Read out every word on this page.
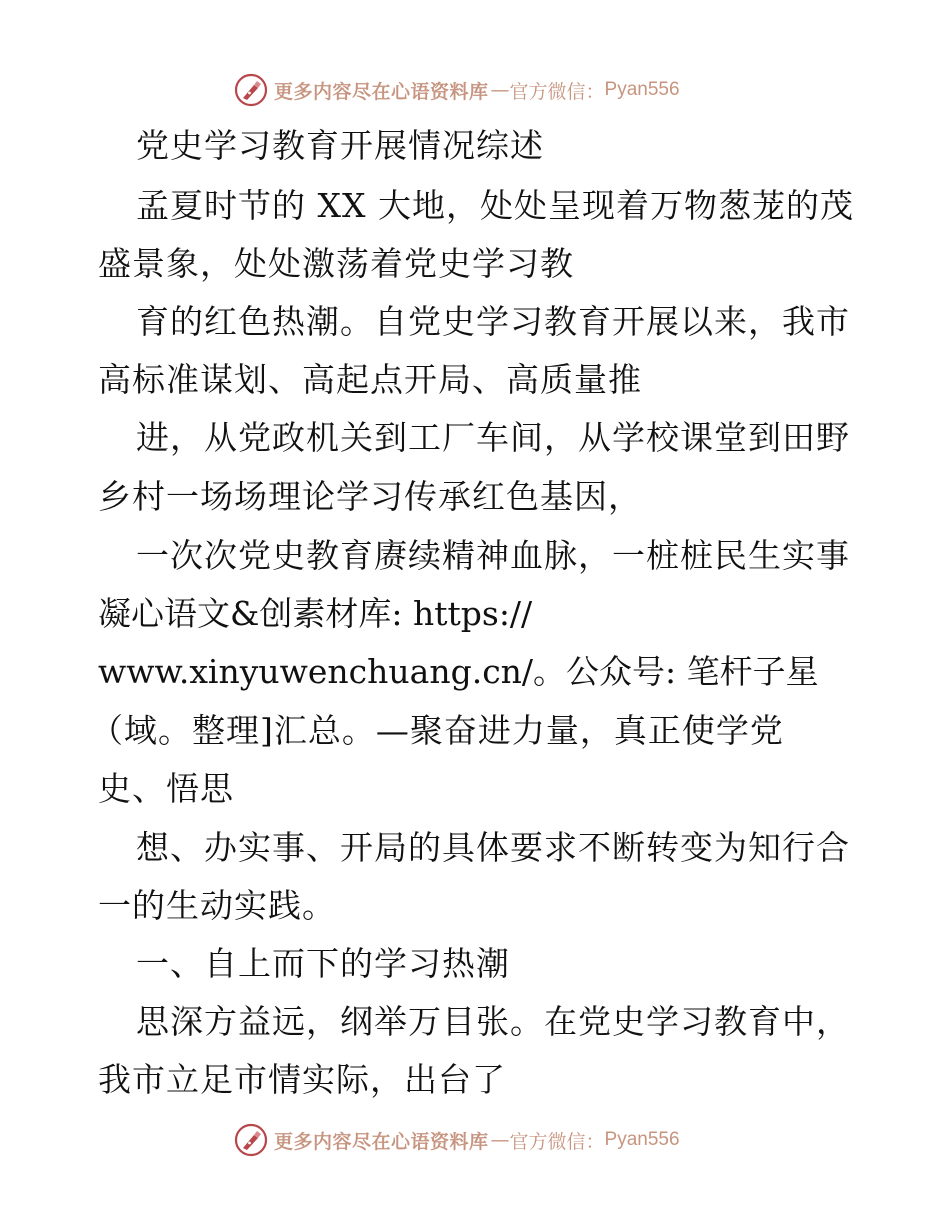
更多内容尽在心语资料库 — 官方微信： Pyan556
党史学习教育开展情况综述
孟夏时节的 XX 大地，处处呈现着万物葱茏的茂
盛景象，处处激荡着党史学习教
育的红色热潮。自党史学习教育开展以来，我市
高标准谋划、高起点开局、高质量推
进，从党政机关到工厂车间，从学校课堂到田野
乡村一场场理论学习传承红色基因，
一次次党史教育赓续精神血脉，一桩桩民生实事
凝心语文&创素材库: https://
www.xinyuwenchuang.cn/。公众号: 笔杆子星
（域。整理]汇总。—聚奋进力量，真正使学党
史、悟思
想、办实事、开局的具体要求不断转变为知行合
一的生动实践。
一、自上而下的学习热潮
思深方益远，纲举万目张。在党史学习教育中，
我市立足市情实际，出台了
更多内容尽在心语资料库 — 官方微信： Pyan556
